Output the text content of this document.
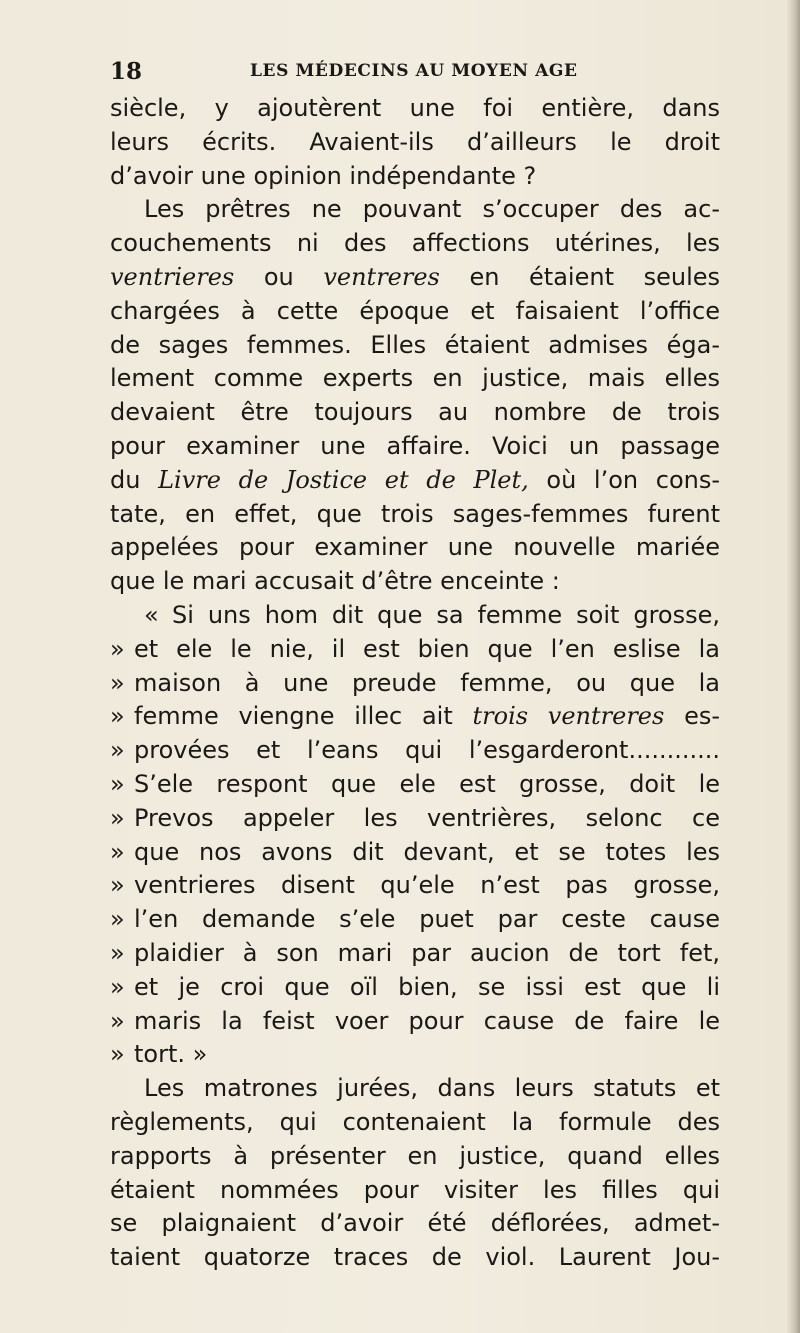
18	LES MÉDECINS AU MOYEN AGE
siècle, y ajoutèrent une foi entière, dans
leurs écrits. Avaient-ils d’ailleurs le droit
d’avoir une opinion indépendante ?
Les prêtres ne pouvant s’occuper des ac-
couchements ni des affections utérines, les
ventrieres ou ventreres en étaient seules
chargées à cette époque et faisaient l’office
de sages femmes. Elles étaient admises éga-
lement comme experts en justice, mais elles
devaient être toujours au nombre de trois
pour examiner une affaire. Voici un passage
du Livre de Jostice et de Plet, où l’on cons-
tate, en effet, que trois sages-femmes furent
appelées pour examiner une nouvelle mariée
que le mari accusait d’être enceinte :
« Si uns hom dit que sa femme soit grosse,
» et ele le nie, il est bien que l’en eslise la
» maison à une preude femme, ou que la
» femme viengne illec ait trois ventreres es-
» provées et l’eans qui l’esgarderont............
» S’ele respont que ele est grosse, doit le
» Prevos appeler les ventrières, selonc ce
» que nos avons dit devant, et se totes les
» ventrieres disent qu’ele n’est pas grosse,
» l’en demande s’ele puet par ceste cause
» plaidier à son mari par aucion de tort fet,
» et je croi que oïl bien, se issi est que li
» maris la feist voer pour cause de faire le
» tort. »
Les matrones jurées, dans leurs statuts et
règlements, qui contenaient la formule des
rapports à présenter en justice, quand elles
étaient nommées pour visiter les filles qui
se plaignaient d’avoir été déflorées, admet-
taient quatorze traces de viol. Laurent Jou-
